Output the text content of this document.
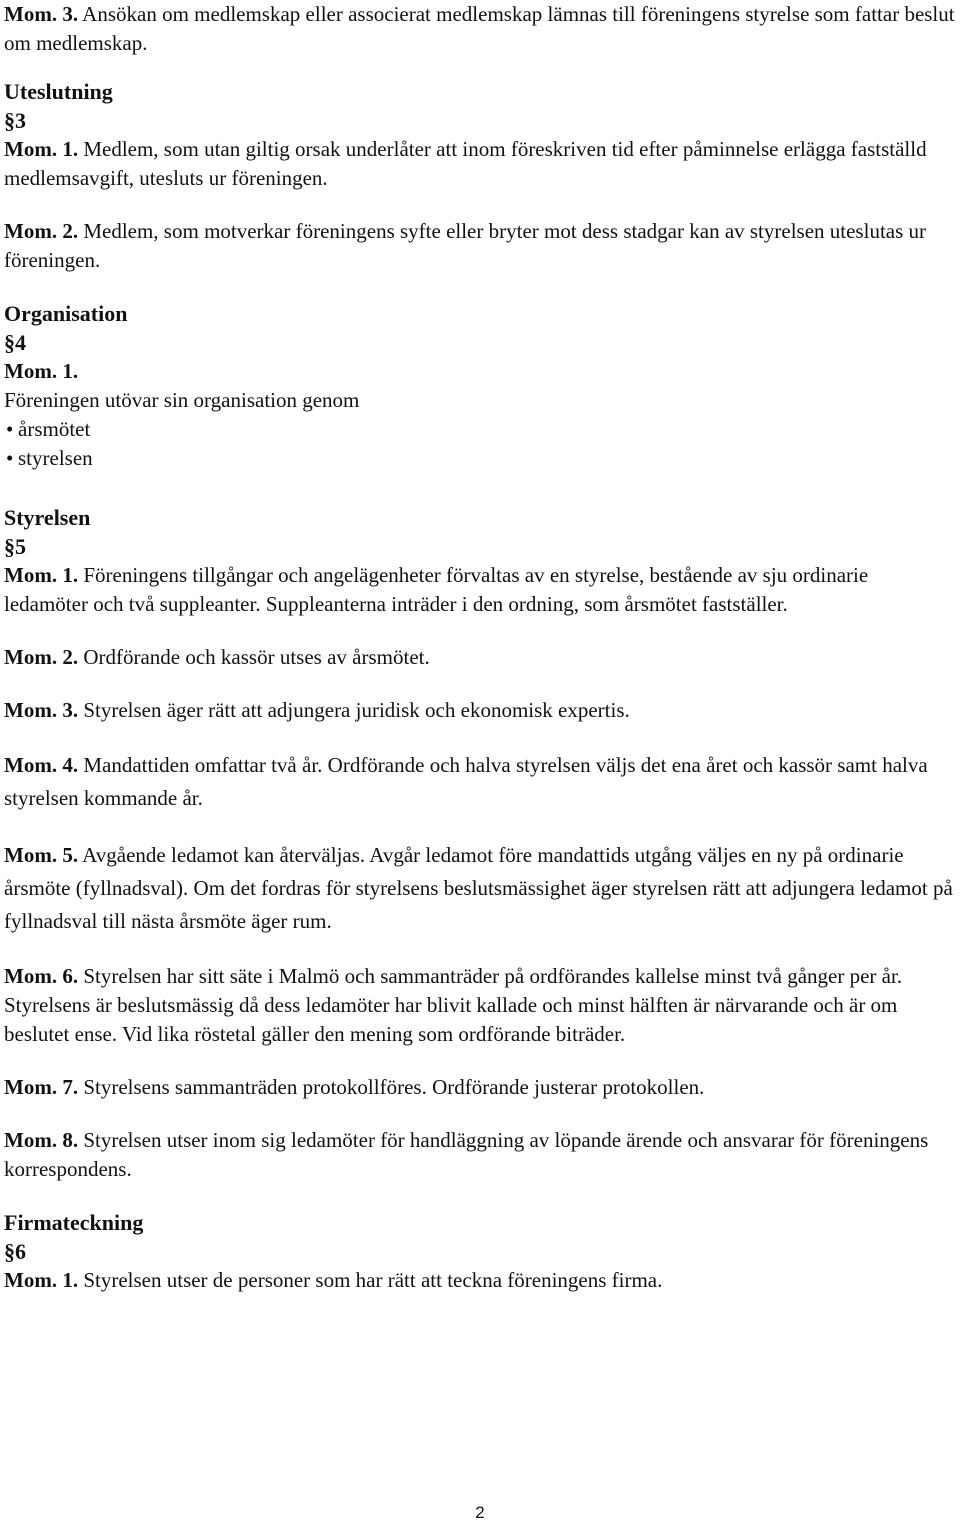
Mom. 3. Ansökan om medlemskap eller associerat medlemskap lämnas till föreningens styrelse som fattar beslut om medlemskap.

Uteslutning

§3

Mom. 1. Medlem, som utan giltig orsak underlåter att inom föreskriven tid efter påminnelse erlägga fastställd medlemsavgift, utesluts ur föreningen.

Mom. 2. Medlem, som motverkar föreningens syfte eller bryter mot dess stadgar kan av styrelsen uteslutas ur föreningen.

Organisation

§4

Mom. 1.

Föreningen utövar sin organisation genom

• årsmötet
• styrelsen

Styrelsen

§5

Mom. 1. Föreningens tillgångar och angelägenheter förvaltas av en styrelse, bestående av sju ordinarie ledamöter och två suppleanter. Suppleanterna inträder i den ordning, som årsmötet fastställer.

Mom. 2. Ordförande och kassör utses av årsmötet.

Mom. 3. Styrelsen äger rätt att adjungera juridisk och ekonomisk expertis.

Mom. 4. Mandattiden omfattar två år. Ordförande och halva styrelsen väljs det ena året och kassör samt halva styrelsen kommande år.

Mom. 5. Avgående ledamot kan återväljas. Avgår ledamot före mandattids utgång väljes en ny på ordinarie årsmöte (fyllnadsval). Om det fordras för styrelsens beslutsmässighet äger styrelsen rätt att adjungera ledamot på fyllnadsval till nästa årsmöte äger rum.

Mom. 6. Styrelsen har sitt säte i Malmö och sammanträder på ordförandes kallelse minst två gånger per år. Styrelsens är beslutsmässig då dess ledamöter har blivit kallade och minst hälften är närvarande och är om beslutet ense. Vid lika röstetal gäller den mening som ordförande biträder.

Mom. 7. Styrelsens sammanträden protokollföres. Ordförande justerar protokollen.

Mom. 8. Styrelsen utser inom sig ledamöter för handläggning av löpande ärende och ansvarar för föreningens korrespondens.

Firmateckning

§6

Mom. 1. Styrelsen utser de personer som har rätt att teckna föreningens firma.

2
